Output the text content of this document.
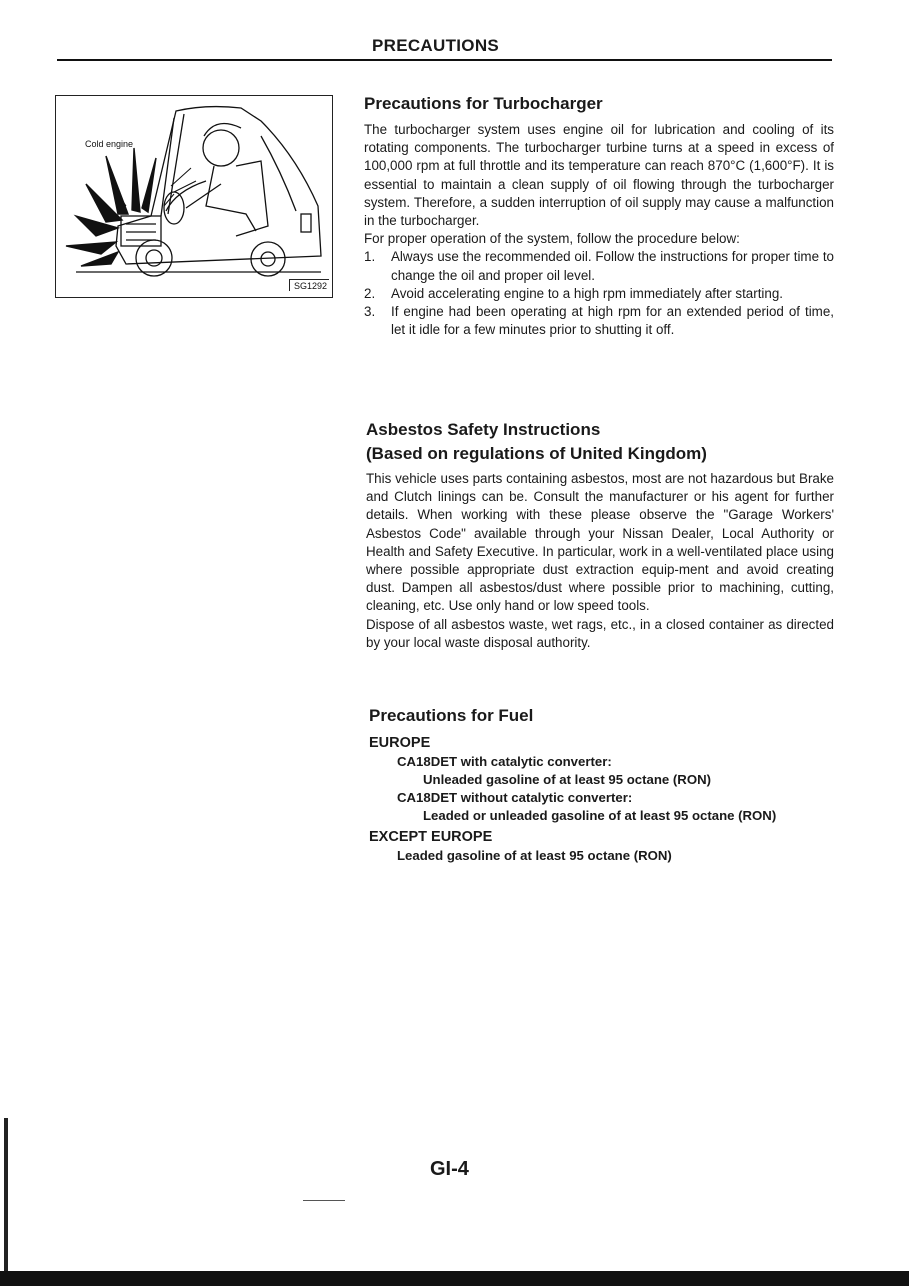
PRECAUTIONS
Cold engine
SG1292
Precautions for Turbocharger

The turbocharger system uses engine oil for lubrication and cooling of its rotating components. The turbocharger turbine turns at a speed in excess of 100,000 rpm at full throttle and its temperature can reach 870°C (1,600°F). It is essential to maintain a clean supply of oil flowing through the turbocharger system. Therefore, a sudden interruption of oil supply may cause a malfunction in the turbocharger.

For proper operation of the system, follow the procedure below:

1. Always use the recommended oil. Follow the instructions for proper time to change the oil and proper oil level.
2. Avoid accelerating engine to a high rpm immediately after starting.
3. If engine had been operating at high rpm for an extended period of time, let it idle for a few minutes prior to shutting it off.
Asbestos Safety Instructions
(Based on regulations of United Kingdom)

This vehicle uses parts containing asbestos, most are not hazardous but Brake and Clutch linings can be. Consult the manufacturer or his agent for further details. When working with these please observe the "Garage Workers' Asbestos Code" available through your Nissan Dealer, Local Authority or Health and Safety Executive. In particular, work in a well-ventilated place using where possible appropriate dust extraction equip-ment and avoid creating dust. Dampen all asbestos/dust where possible prior to machining, cutting, cleaning, etc. Use only hand or low speed tools.

Dispose of all asbestos waste, wet rags, etc., in a closed container as directed by your local waste disposal authority.

Precautions for Fuel
EUROPE
CA18DET with catalytic converter:
Unleaded gasoline of at least 95 octane (RON)
CA18DET without catalytic converter:
Leaded or unleaded gasoline of at least 95 octane (RON)
EXCEPT EUROPE
Leaded gasoline of at least 95 octane (RON)
GI-4
